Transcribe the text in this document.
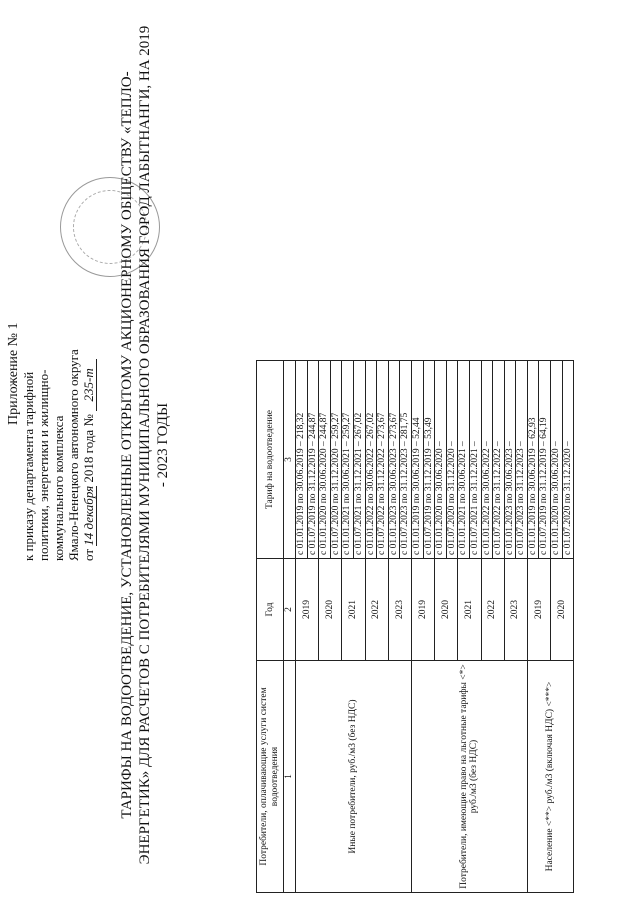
Приложение № 1 к приказу департамента тарифной политики, энергетики и жилищно- коммунального комплекса Ямало-Ненецкого автономного округа от 14 декабря 2018 года № 235-т ТАРИФЫ НА ВОДООТВЕДЕНИЕ, УСТАНОВЛЕННЫЕ ОТКРЫТОМУ АКЦИОНЕРНОМУ ОБЩЕСТВУ «ТЕПЛО-ЭНЕРГЕТИК» ДЛЯ РАСЧЕТОВ С ПОТРЕБИТЕЛЯМИ МУНИЦИПАЛЬНОГО ОБРАЗОВАНИЯ ГОРОД ЛАБЫТНАНГИ, НА 2019 - 2023 ГОДЫ
Потребители, оплачивающие услуги систем водоотведения	Год	Тариф на водоотведение
1	2	3
Иные потребители, руб./м3 (без НДС)	2019	с 01.01.2019 по 30.06.2019 – 218,32
		с 01.07.2019 по 31.12.2019 – 244,87
	2020	с 01.01.2020 по 30.06.2020 – 244,87
		с 01.07.2020 по 31.12.2020 – 259,27
	2021	с 01.01.2021 по 30.06.2021 – 259,27
		с 01.07.2021 по 31.12.2021 – 267,02
	2022	с 01.01.2022 по 30.06.2022 – 267,02
		с 01.07.2022 по 31.12.2022 – 273,67
	2023	с 01.01.2023 по 30.06.2023 – 273,67
		с 01.07.2023 по 31.12.2023 – 281,75
Потребители, имеющие право на льготные тарифы <*> руб./м3 (без НДС)	2019	с 01.01.2019 по 30.06.2019 – 52,44
		с 01.07.2019 по 31.12.2019 – 53,49
	2020	с 01.01.2020 по 30.06.2020 –
		с 01.07.2020 по 31.12.2020 –
	2021	с 01.01.2021 по 30.06.2021 –
		с 01.07.2021 по 31.12.2021 –
	2022	с 01.01.2022 по 30.06.2022 –
		с 01.07.2022 по 31.12.2022 –
	2023	с 01.01.2023 по 30.06.2023 –
		с 01.07.2023 по 31.12.2023 –
Население <**> руб./м3 (включая НДС) <***>	2019	с 01.01.2019 по 30.06.2019 – 62,93
		с 01.07.2019 по 31.12.2019 – 64,19
	2020	с 01.01.2020 по 30.06.2020 –
		с 01.07.2020 по 31.12.2020 –
